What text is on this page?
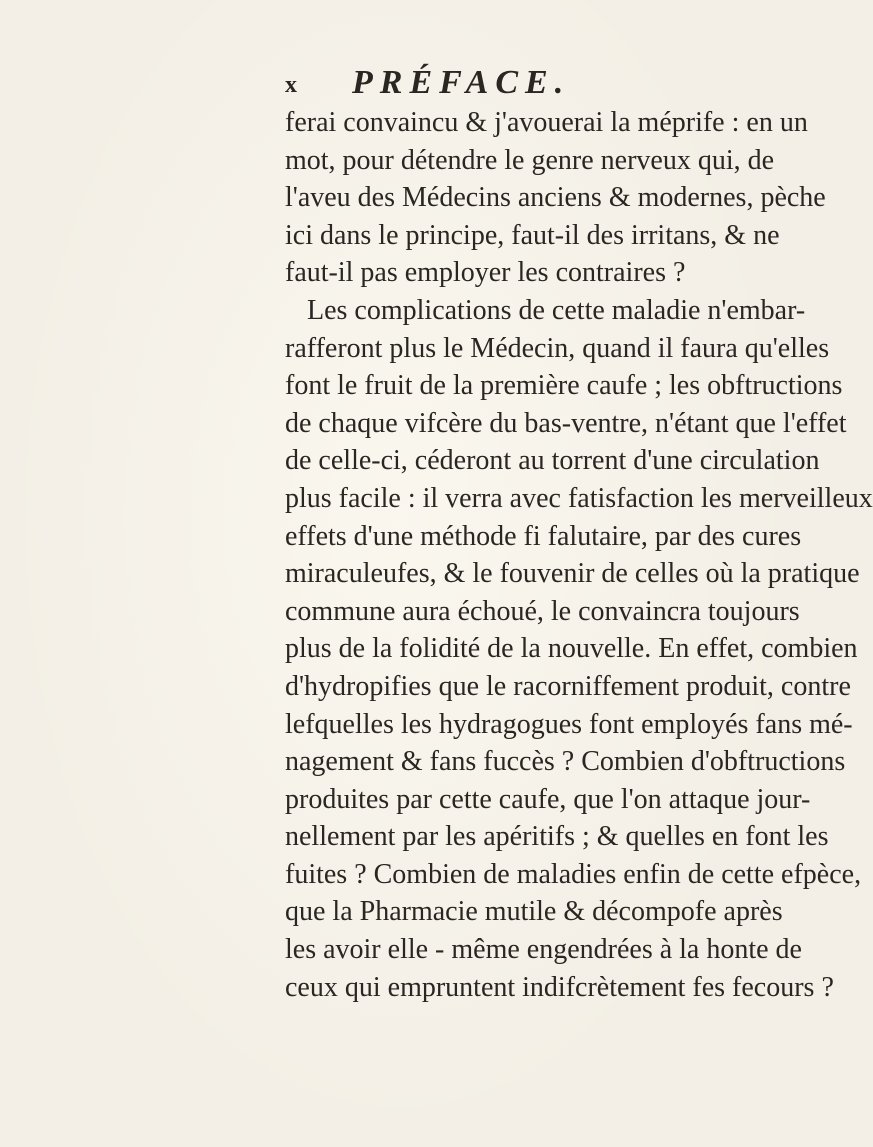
x PRÉFACE.
ferai convaincu & j'avouerai la méprife : en un
mot, pour détendre le genre nerveux qui, de
l'aveu des Médecins anciens & modernes, pèche
ici dans le principe, faut-il des irritans, & ne
faut-il pas employer les contraires ?
Les complications de cette maladie n'embar-
rafferont plus le Médecin, quand il faura qu'elles
font le fruit de la première caufe ; les obftructions
de chaque vifcère du bas-ventre, n'étant que l'effet
de celle-ci, céderont au torrent d'une circulation
plus facile : il verra avec fatisfaction les merveilleux
effets d'une méthode fi falutaire, par des cures
miraculeufes, & le fouvenir de celles où la pratique
commune aura échoué, le convaincra toujours
plus de la folidité de la nouvelle. En effet, combien
d'hydropifies que le racorniffement produit, contre
lefquelles les hydragogues font employés fans mé-
nagement & fans fuccès ? Combien d'obftructions
produites par cette caufe, que l'on attaque jour-
nellement par les apéritifs ; & quelles en font les
fuites ? Combien de maladies enfin de cette efpèce,
que la Pharmacie mutile & décompofe après
les avoir elle - même engendrées à la honte de
ceux qui empruntent indifcrètement fes fecours ?
